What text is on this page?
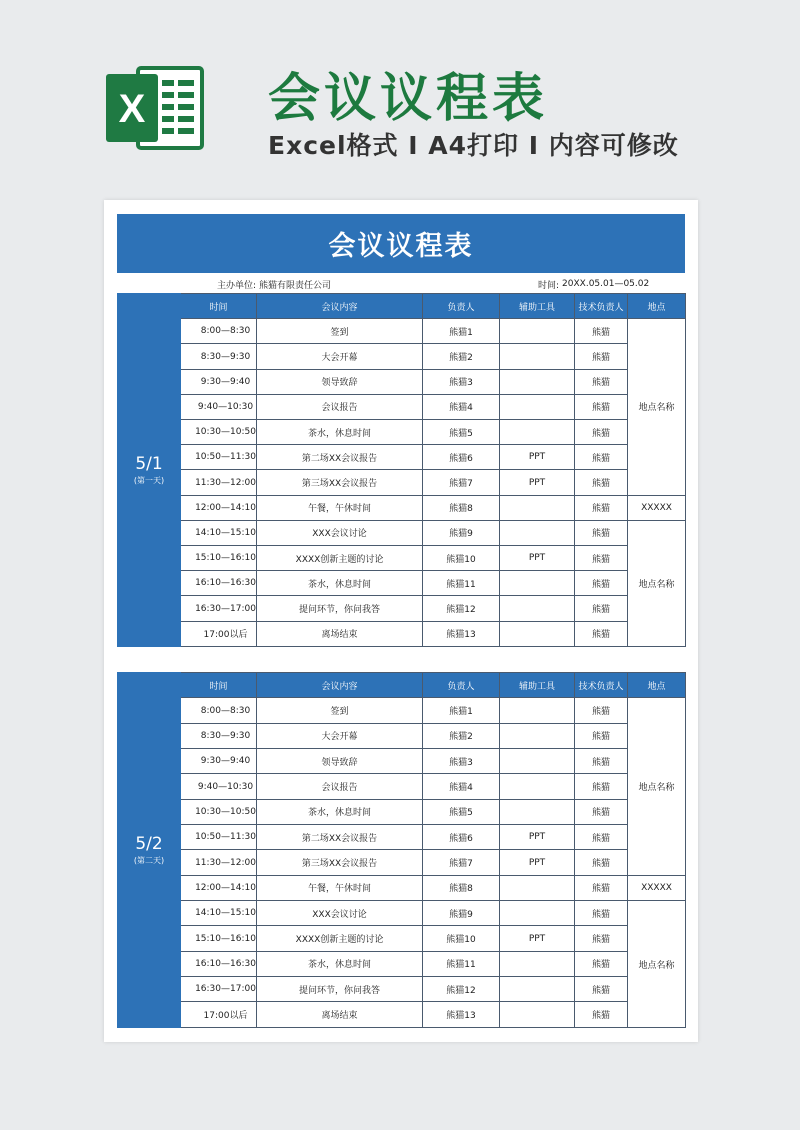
X 会议议程表
Excel格式 I A4打印 I 内容可修改
会议议程表
主办单位: 熊猫有限责任公司	时间: 20XX.05.01—05.02
5/1
(第一天)	时间	会议内容	负责人	辅助工具	技术负责人	地点
	8:00—8:30	签到	熊猫1		熊猫	地点名称
	8:30—9:30	大会开幕	熊猫2		熊猫	
	9:30—9:40	领导致辞	熊猫3		熊猫	
	9:40—10:30	会议报告	熊猫4		熊猫	
	10:30—10:50	茶水，休息时间	熊猫5		熊猫	
	10:50—11:30	第二场XX会议报告	熊猫6	PPT	熊猫	
	11:30—12:00	第三场XX会议报告	熊猫7	PPT	熊猫	
	12:00—14:10	午餐，午休时间	熊猫8		熊猫	XXXXX
	14:10—15:10	XXX会议讨论	熊猫9		熊猫	地点名称
	15:10—16:10	XXXX创新主题的讨论	熊猫10	PPT	熊猫	
	16:10—16:30	茶水，休息时间	熊猫11		熊猫	
	16:30—17:00	提问环节，你问我答	熊猫12		熊猫	
	17:00以后	离场结束	熊猫13		熊猫	
5/2
(第二天)	时间	会议内容	负责人	辅助工具	技术负责人	地点
	8:00—8:30	签到	熊猫1		熊猫	地点名称
	8:30—9:30	大会开幕	熊猫2		熊猫	
	9:30—9:40	领导致辞	熊猫3		熊猫	
	9:40—10:30	会议报告	熊猫4		熊猫	
	10:30—10:50	茶水，休息时间	熊猫5		熊猫	
	10:50—11:30	第二场XX会议报告	熊猫6	PPT	熊猫	
	11:30—12:00	第三场XX会议报告	熊猫7	PPT	熊猫	
	12:00—14:10	午餐，午休时间	熊猫8		熊猫	XXXXX
	14:10—15:10	XXX会议讨论	熊猫9		熊猫	地点名称
	15:10—16:10	XXXX创新主题的讨论	熊猫10	PPT	熊猫	
	16:10—16:30	茶水，休息时间	熊猫11		熊猫	
	16:30—17:00	提问环节，你问我答	熊猫12		熊猫	
	17:00以后	离场结束	熊猫13		熊猫	
